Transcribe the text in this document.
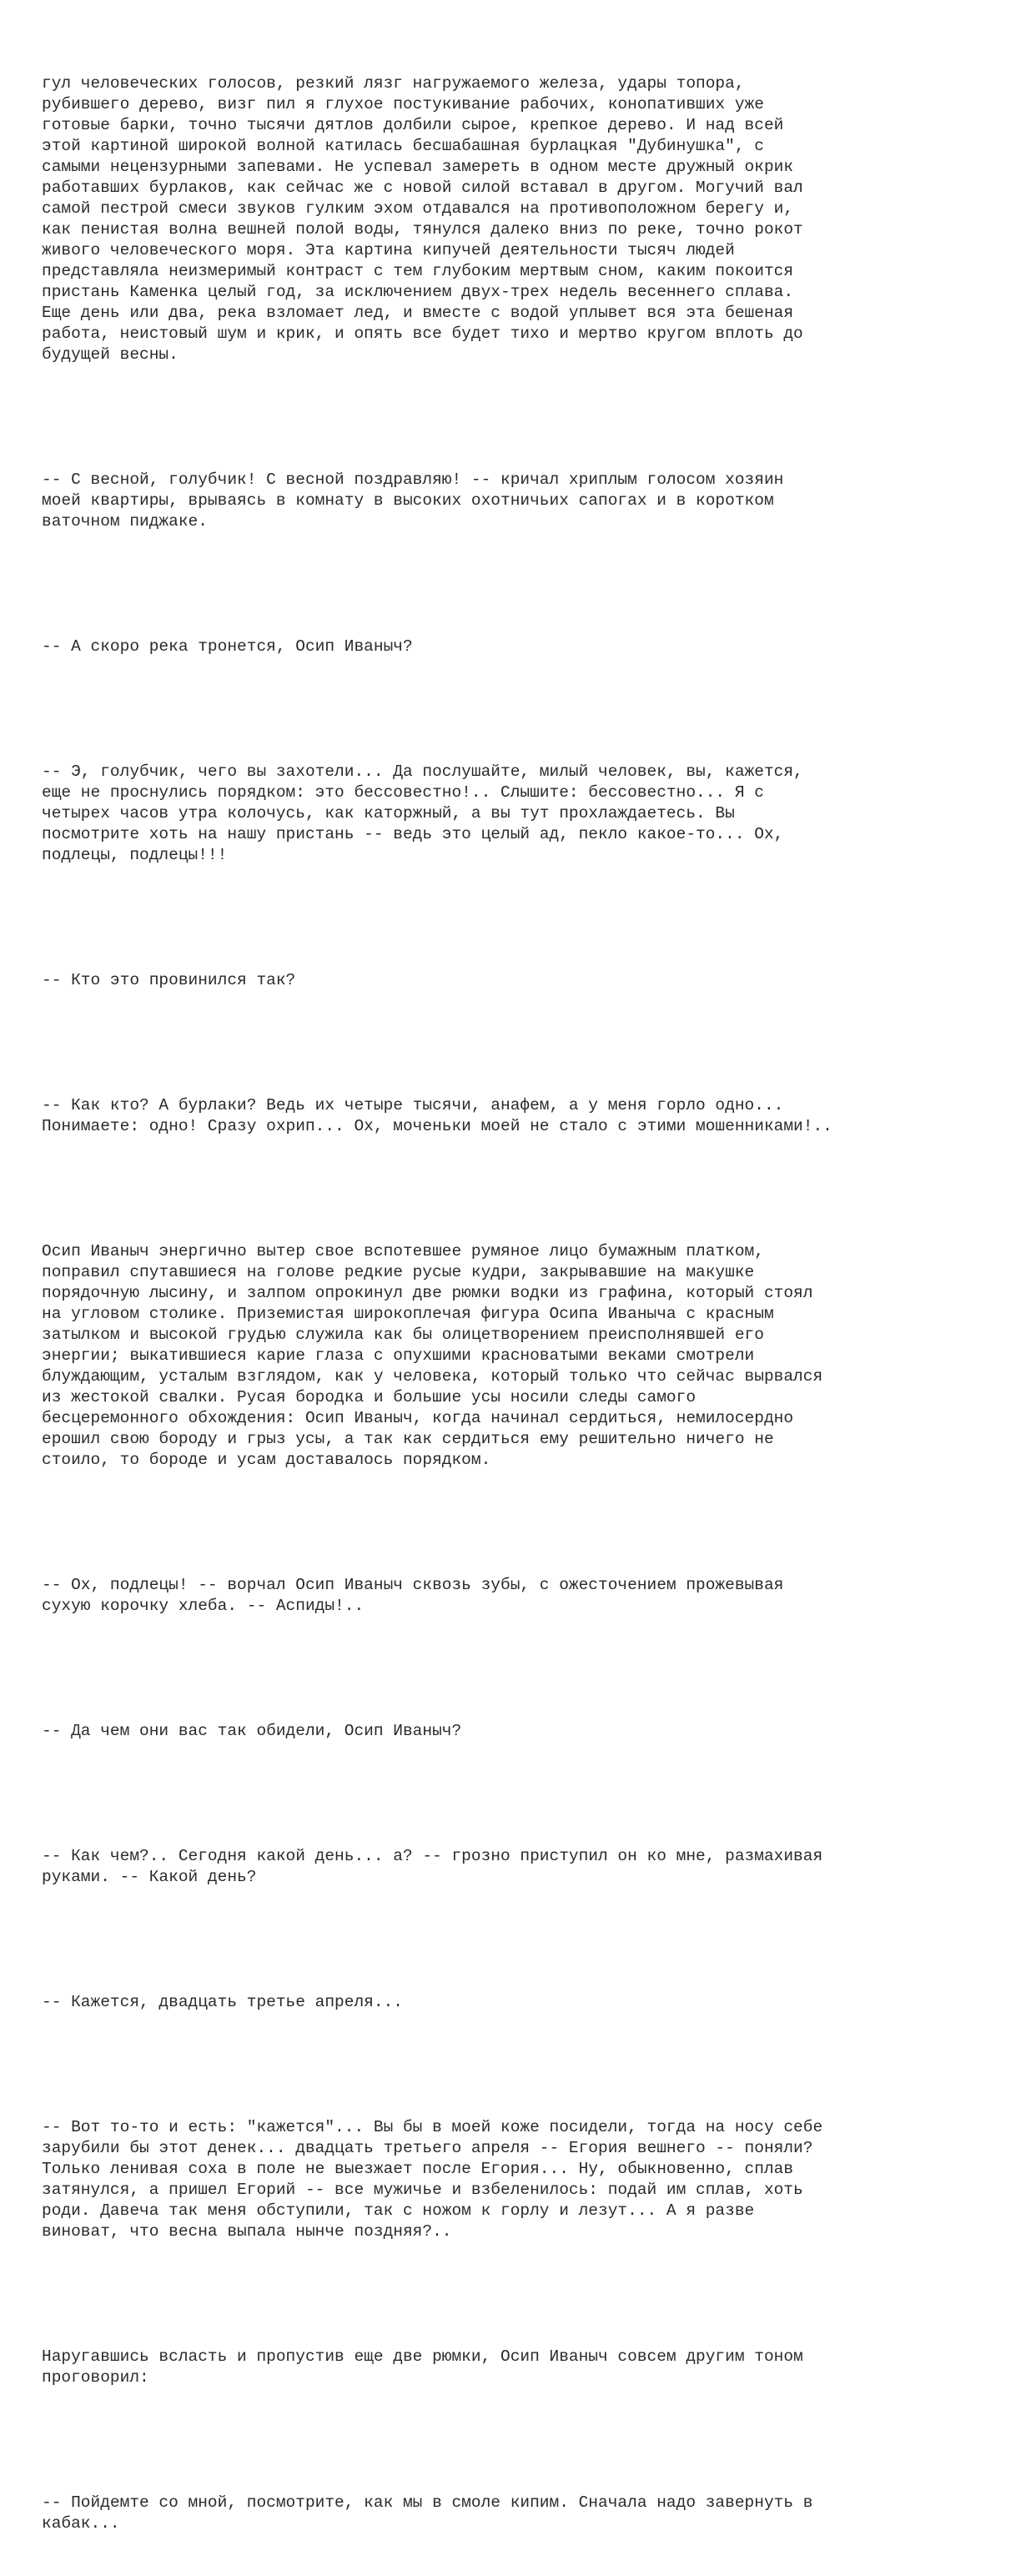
гул человеческих голосов, резкий лязг нагружаемого железа, удары топора,
рубившего дерево, визг пил я глухое постукивание рабочих, конопативших уже
готовые барки, точно тысячи дятлов долбили сырое, крепкое дерево. И над всей
этой картиной широкой волной катилась бесшабашная бурлацкая "Дубинушка", с
самыми нецензурными запевами. Не успевал замереть в одном месте дружный окрик
работавших бурлаков, как сейчас же с новой силой вставал в другом. Могучий вал
самой пестрой смеси звуков гулким эхом отдавался на противоположном берегу и,
как пенистая волна вешней полой воды, тянулся далеко вниз по реке, точно рокот
живого человеческого моря. Эта картина кипучей деятельности тысяч людей
представляла неизмеримый контраст с тем глубоким мертвым сном, каким покоится
пристань Каменка целый год, за исключением двух-трех недель весеннего сплава.
Еще день или два, река взломает лед, и вместе с водой уплывет вся эта бешеная
работа, неистовый шум и крик, и опять все будет тихо и мертво кругом вплоть до
будущей весны.

-- С весной, голубчик! С весной поздравляю! -- кричал хриплым голосом хозяин
моей квартиры, врываясь в комнату в высоких охотничьих сапогах и в коротком
ваточном пиджаке.

-- А скоро река тронется, Осип Иваныч?

-- Э, голубчик, чего вы захотели... Да послушайте, милый человек, вы, кажется,
еще не проснулись порядком: это бессовестно!.. Слышите: бессовестно... Я с
четырех часов утра колочусь, как каторжный, а вы тут прохлаждаетесь. Вы
посмотрите хоть на нашу пристань -- ведь это целый ад, пекло какое-то... Ох,
подлецы, подлецы!!!

-- Кто это провинился так?

-- Как кто? А бурлаки? Ведь их четыре тысячи, анафем, а у меня горло одно...
Понимаете: одно! Сразу охрип... Ох, моченьки моей не стало с этими мошенниками!..

Осип Иваныч энергично вытер свое вспотевшее румяное лицо бумажным платком,
поправил спутавшиеся на голове редкие русые кудри, закрывавшие на макушке
порядочную лысину, и залпом опрокинул две рюмки водки из графина, который стоял
на угловом столике. Приземистая широкоплечая фигура Осипа Иваныча с красным
затылком и высокой грудью служила как бы олицетворением преисполнявшей его
энергии; выкатившиеся карие глаза с опухшими красноватыми веками смотрели
блуждающим, усталым взглядом, как у человека, который только что сейчас вырвался
из жестокой свалки. Русая бородка и большие усы носили следы самого
бесцеремонного обхождения: Осип Иваныч, когда начинал сердиться, немилосердно
ерошил свою бороду и грыз усы, а так как сердиться ему решительно ничего не
стоило, то бороде и усам доставалось порядком.

-- Ох, подлецы! -- ворчал Осип Иваныч сквозь зубы, с ожесточением прожевывая
сухую корочку хлеба. -- Аспиды!..

-- Да чем они вас так обидели, Осип Иваныч?

-- Как чем?.. Сегодня какой день... а? -- грозно приступил он ко мне, размахивая
руками. -- Какой день?

-- Кажется, двадцать третье апреля...

-- Вот то-то и есть: "кажется"... Вы бы в моей коже посидели, тогда на носу себе
зарубили бы этот денек... двадцать третьего апреля -- Егория вешнего -- поняли?
Только ленивая соха в поле не выезжает после Егория... Ну, обыкновенно, сплав
затянулся, а пришел Егорий -- все мужичье и взбеленилось: подай им сплав, хоть
роди. Давеча так меня обступили, так с ножом к горлу и лезут... А я разве
виноват, что весна выпала нынче поздняя?..

Наругавшись всласть и пропустив еще две рюмки, Осип Иваныч совсем другим тоном
проговорил:

-- Пойдемте со мной, посмотрите, как мы в смоле кипим. Сначала надо завернуть в
кабак...
